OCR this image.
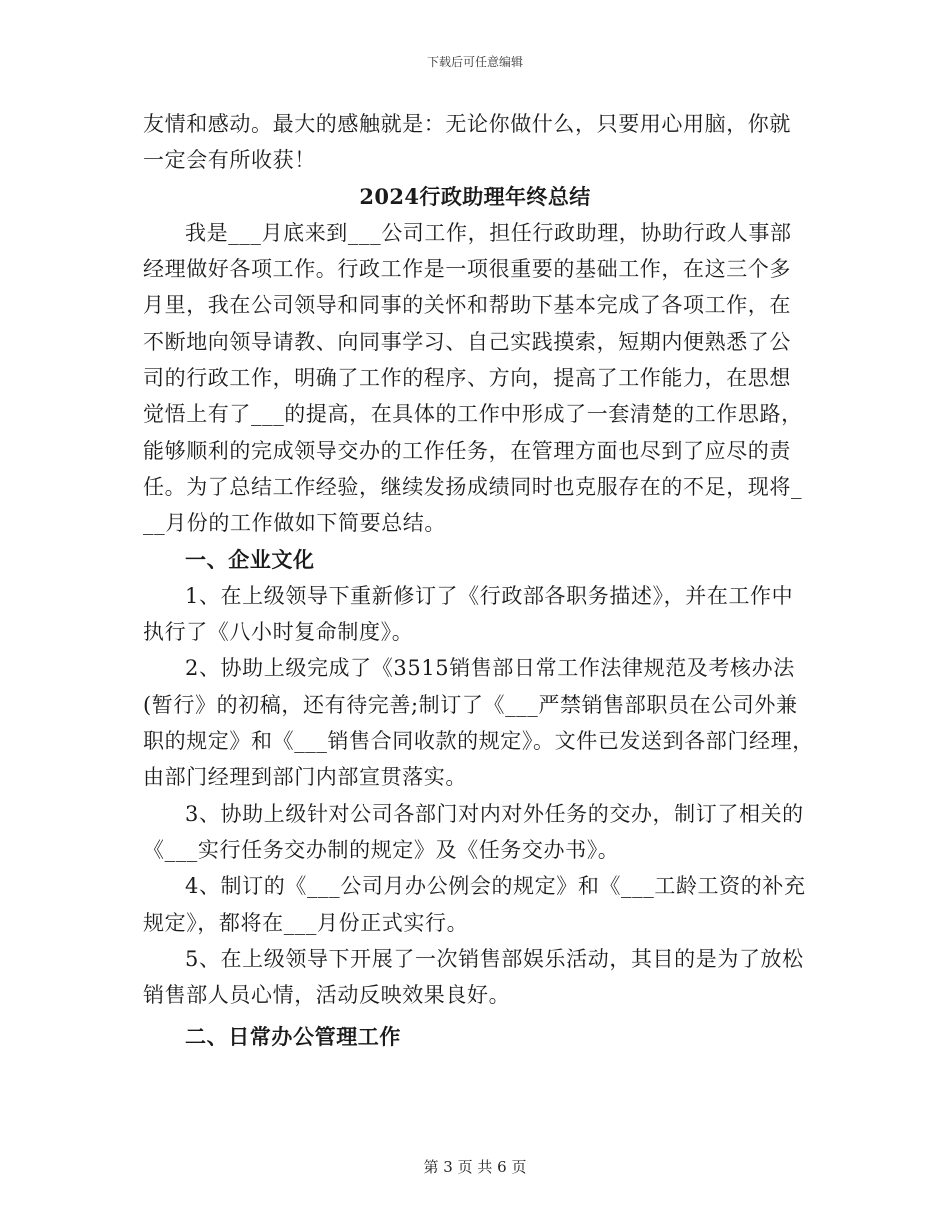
下载后可任意编辑
友情和感动。最大的感触就是：无论你做什么，只要用心用脑，你就
一定会有所收获！
2024行政助理年终总结
我是___月底来到___公司工作，担任行政助理，协助行政人事部
经理做好各项工作。行政工作是一项很重要的基础工作，在这三个多
月里，我在公司领导和同事的关怀和帮助下基本完成了各项工作，在
不断地向领导请教、向同事学习、自己实践摸索，短期内便熟悉了公
司的行政工作，明确了工作的程序、方向，提高了工作能力，在思想
觉悟上有了___的提高，在具体的工作中形成了一套清楚的工作思路，
能够顺利的完成领导交办的工作任务，在管理方面也尽到了应尽的责
任。为了总结工作经验，继续发扬成绩同时也克服存在的不足，现将_
__月份的工作做如下简要总结。
一、企业文化
1、在上级领导下重新修订了《行政部各职务描述》，并在工作中
执行了《八小时复命制度》。
2、协助上级完成了《3515销售部日常工作法律规范及考核办法
(暂行》的初稿，还有待完善;制订了《___严禁销售部职员在公司外兼
职的规定》和《___销售合同收款的规定》。文件已发送到各部门经理，
由部门经理到部门内部宣贯落实。
3、协助上级针对公司各部门对内对外任务的交办，制订了相关的
《___实行任务交办制的规定》及《任务交办书》。
4、制订的《___公司月办公例会的规定》和《___工龄工资的补充
规定》，都将在___月份正式实行。
5、在上级领导下开展了一次销售部娱乐活动，其目的是为了放松
销售部人员心情，活动反映效果良好。
二、日常办公管理工作
第 3 页 共 6 页
